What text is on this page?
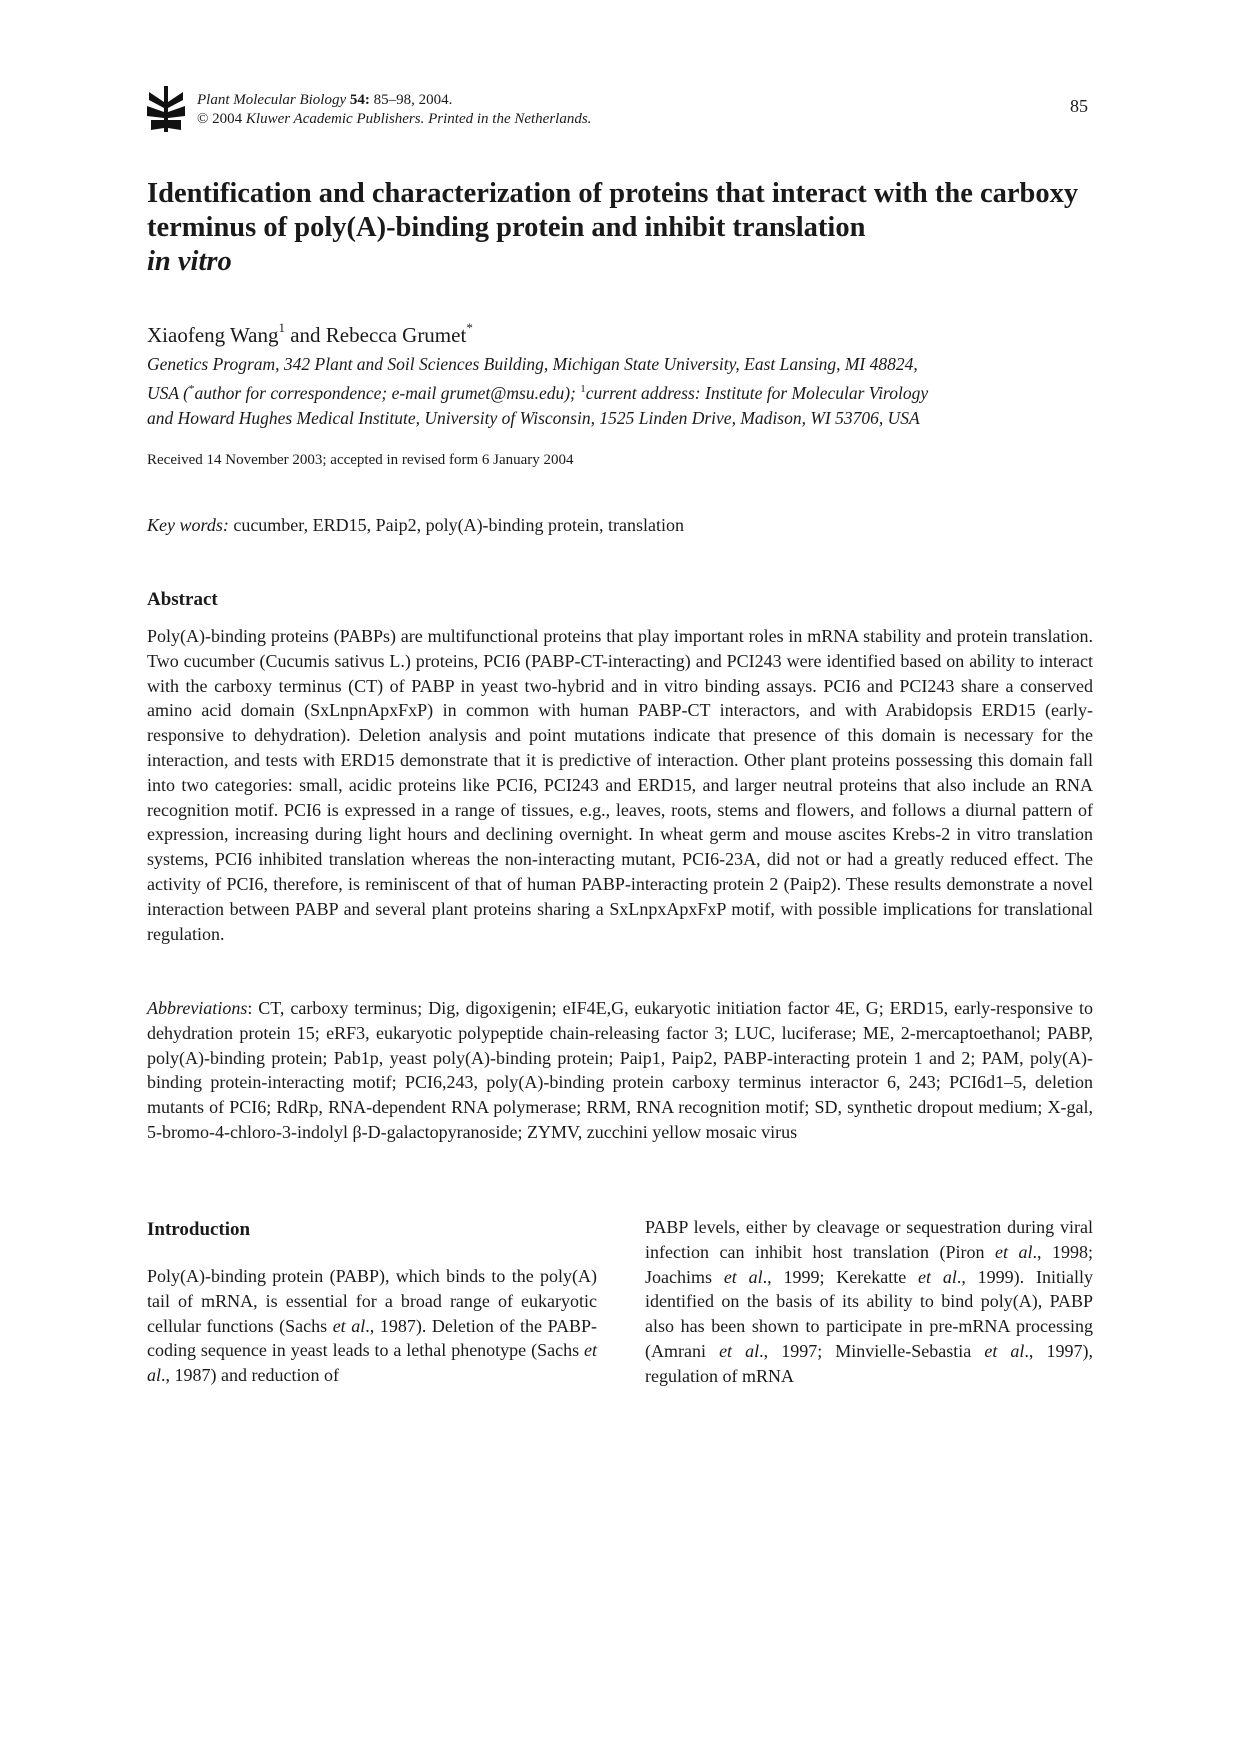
Plant Molecular Biology 54: 85–98, 2004.
© 2004 Kluwer Academic Publishers. Printed in the Netherlands.
85
Identification and characterization of proteins that interact with the carboxy terminus of poly(A)-binding protein and inhibit translation
in vitro
Xiaofeng Wang$^1$ and Rebecca Grumet*
Genetics Program, 342 Plant and Soil Sciences Building, Michigan State University, East Lansing, MI 48824,
USA (*author for correspondence; e-mail grumet@msu.edu); $^1$current address: Institute for Molecular Virology
and Howard Hughes Medical Institute, University of Wisconsin, 1525 Linden Drive, Madison, WI 53706, USA
Received 14 November 2003; accepted in revised form 6 January 2004
Key words: cucumber, ERD15, Paip2, poly(A)-binding protein, translation
Abstract

Poly(A)-binding proteins (PABPs) are multifunctional proteins that play important roles in mRNA stability and protein translation. Two cucumber (Cucumis sativus L.) proteins, PCI6 (PABP-CT-interacting) and PCI243 were identified based on ability to interact with the carboxy terminus (CT) of PABP in yeast two-hybrid and in vitro binding assays. PCI6 and PCI243 share a conserved amino acid domain (SxLnpnApxFxP) in common with human PABP-CT interactors, and with Arabidopsis ERD15 (early-responsive to dehydration). Deletion analysis and point mutations indicate that presence of this domain is necessary for the interaction, and tests with ERD15 demonstrate that it is predictive of interaction. Other plant proteins possessing this domain fall into two categories: small, acidic proteins like PCI6, PCI243 and ERD15, and larger neutral proteins that also include an RNA recognition motif. PCI6 is expressed in a range of tissues, e.g., leaves, roots, stems and flowers, and follows a diurnal pattern of expression, increasing during light hours and declining overnight. In wheat germ and mouse ascites Krebs-2 in vitro translation systems, PCI6 inhibited translation whereas the non-interacting mutant, PCI6-23A, did not or had a greatly reduced effect. The activity of PCI6, therefore, is reminiscent of that of human PABP-interacting protein 2 (Paip2). These results demonstrate a novel interaction between PABP and several plant proteins sharing a SxLnpxApxFxP motif, with possible implications for translational regulation.

Abbreviations: CT, carboxy terminus; Dig, digoxigenin; eIF4E,G, eukaryotic initiation factor 4E, G; ERD15, early-responsive to dehydration protein 15; eRF3, eukaryotic polypeptide chain-releasing factor 3; LUC, luciferase; ME, 2-mercaptoethanol; PABP, poly(A)-binding protein; Pab1p, yeast poly(A)-binding protein; Paip1, Paip2, PABP-interacting protein 1 and 2; PAM, poly(A)-binding protein-interacting motif; PCI6,243, poly(A)-binding protein carboxy terminus interactor 6, 243; PCI6d1–5, deletion mutants of PCI6; RdRp, RNA-dependent RNA polymerase; RRM, RNA recognition motif; SD, synthetic dropout medium; X-gal, 5-bromo-4-chloro-3-indolyl β-D-galactopyranoside; ZYMV, zucchini yellow mosaic virus

Introduction

Poly(A)-binding protein (PABP), which binds to the poly(A) tail of mRNA, is essential for a broad range of eukaryotic cellular functions (Sachs et al., 1987). Deletion of the PABP-coding sequence in yeast leads to a lethal phenotype (Sachs et al., 1987) and reduction of

PABP levels, either by cleavage or sequestration during viral infection can inhibit host translation (Piron et al., 1998; Joachims et al., 1999; Kerekatte et al., 1999). Initially identified on the basis of its ability to bind poly(A), PABP also has been shown to participate in pre-mRNA processing (Amrani et al., 1997; Minvielle-Sebastia et al., 1997), regulation of mRNA
